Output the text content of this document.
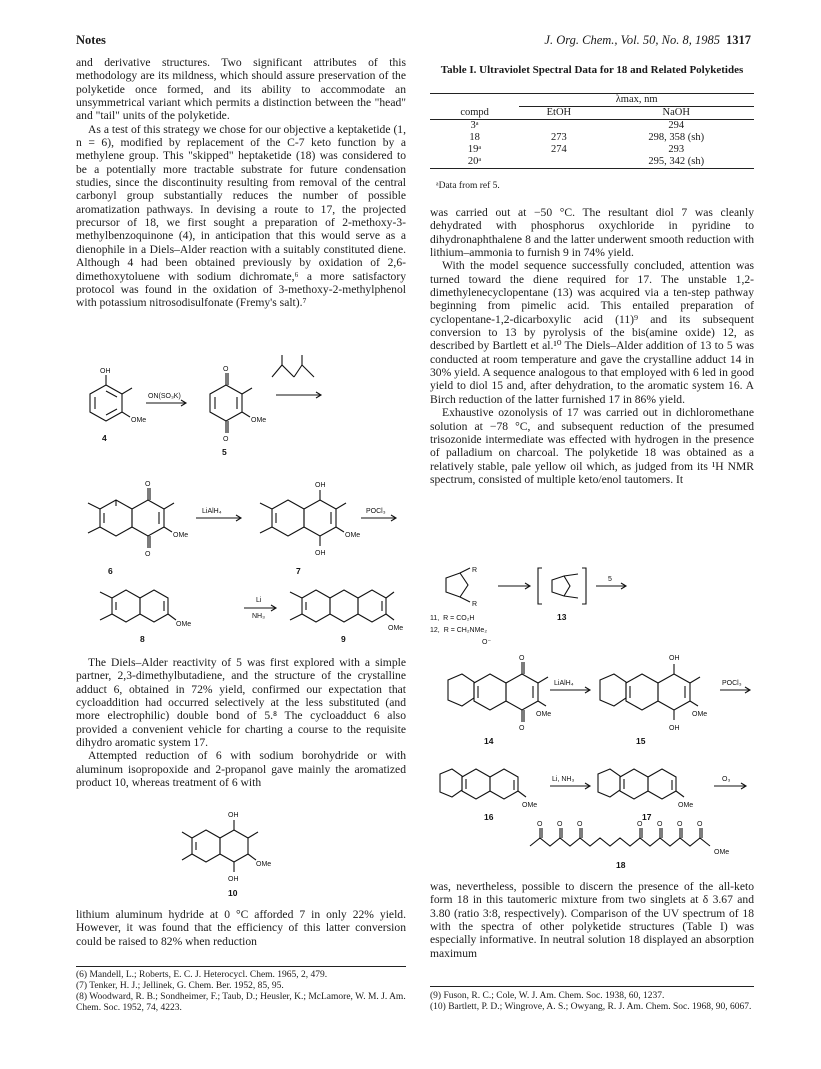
Notes	J. Org. Chem., Vol. 50, No. 8, 1985 1317

and derivative structures. Two significant attributes of this methodology are its mildness, which should assure preservation of the polyketide once formed, and its ability to accommodate an unsymmetrical variant which permits a distinction between the "head" and "tail" units of the polyketide.

As a test of this strategy we chose for our objective a keptaketide (1, n = 6), modified by replacement of the C-7 keto function by a methylene group. This "skipped" heptaketide (18) was considered to be a potentially more tractable substrate for future condensation studies, since the discontinuity resulting from removal of the central carbonyl group substantially reduces the number of possible aromatization pathways. In devising a route to 17, the projected precursor of 18, we first sought a preparation of 2-methoxy-3-methylbenzoquinone (4), in anticipation that this would serve as a dienophile in a Diels–Alder reaction with a suitably constituted diene. Although 4 had been obtained previously by oxidation of 2,6-dimethoxytoluene with sodium dichromate,⁶ a more satisfactory protocol was found in the oxidation of 3-methoxy-2-methylphenol with potassium nitrosodisulfonate (Fremy's salt).⁷

The Diels–Alder reactivity of 5 was first explored with a simple partner, 2,3-dimethylbutadiene, and the structure of the crystalline adduct 6, obtained in 72% yield, confirmed our expectation that cycloaddition had occurred selectively at the less substituted (and more electrophilic) double bond of 5.⁸ The cycloadduct 6 also provided a convenient vehicle for charting a course to the requisite dihydro aromatic system 17.

Attempted reduction of 6 with sodium borohydride or with aluminum isopropoxide and 2-propanol gave mainly the aromatized product 10, whereas treatment of 6 with

lithium aluminum hydride at 0 °C afforded 7 in only 22% yield. However, it was found that the efficiency of this latter conversion could be raised to 82% when reduction

Table I. Ultraviolet Spectral Data for 18 and Related Polyketides
	λmax, nm	
compd	EtOH	NaOH
3ᵃ		294
18	273	298, 358 (sh)
19ᵃ	274	293
20ᵃ		295, 342 (sh)
ᵃData from ref 5.

was carried out at −50 °C. The resultant diol 7 was cleanly dehydrated with phosphorus oxychloride in pyridine to dihydronaphthalene 8 and the latter underwent smooth reduction with lithium–ammonia to furnish 9 in 74% yield.

With the model sequence successfully concluded, attention was turned toward the diene required for 17. The unstable 1,2-dimethylenecyclopentane (13) was acquired via a ten-step pathway beginning from pimelic acid. This entailed preparation of cyclopentane-1,2-dicarboxylic acid (11)⁹ and its subsequent conversion to 13 by pyrolysis of the bis(amine oxide) 12, as described by Bartlett et al.¹⁰ The Diels–Alder addition of 13 to 5 was conducted at room temperature and gave the crystalline adduct 14 in 30% yield. A sequence analogous to that employed with 6 led in good yield to diol 15 and, after dehydration, to the aromatic system 16. A Birch reduction of the latter furnished 17 in 86% yield.

Exhaustive ozonolysis of 17 was carried out in dichloromethane solution at −78 °C, and subsequent reduction of the presumed trisozonide intermediate was effected with hydrogen in the presence of palladium on charcoal. The polyketide 18 was obtained as a relatively stable, pale yellow oil which, as judged from its ¹H NMR spectrum, consisted of multiple keto/enol tautomers. It

was, nevertheless, possible to discern the presence of the all-keto form 18 in this tautomeric mixture from two singlets at δ 3.67 and 3.80 (ratio 3:8, respectively). Comparison of the UV spectrum of 18 with the spectra of other polyketide structures (Table I) was especially informative. In neutral solution 18 displayed an absorption maximum

OH
OMe
4
ON(SO₃K)
O
O
OMe
5
O
O
OMe
6
LiAlH₄
OH
OH
OMe
7
POCl₃
OMe
8
Li
NH₃
OMe
9
OH
OH
OMe
10
R
R
11, R = CO₂H
12, R = CH₂NMe₂
O⁻
13
5
O
O
OMe
14
LiAlH₄
OH
OH
OMe
15
POCl₃
OMe
16
Li, NH₃
OMe
17
O₃
O O O	O O O O
OMe
18
(6) Mandell, L.; Roberts, E. C. J. Heterocycl. Chem. 1965, 2, 479.
(7) Tenker, H. J.; Jellinek, G. Chem. Ber. 1952, 85, 95.
(8) Woodward, R. B.; Sondheimer, F.; Taub, D.; Heusler, K.; McLamore, W. M. J. Am. Chem. Soc. 1952, 74, 4223.
(9) Fuson, R. C.; Cole, W. J. Am. Chem. Soc. 1938, 60, 1237.
(10) Bartlett, P. D.; Wingrove, A. S.; Owyang, R. J. Am. Chem. Soc. 1968, 90, 6067.
